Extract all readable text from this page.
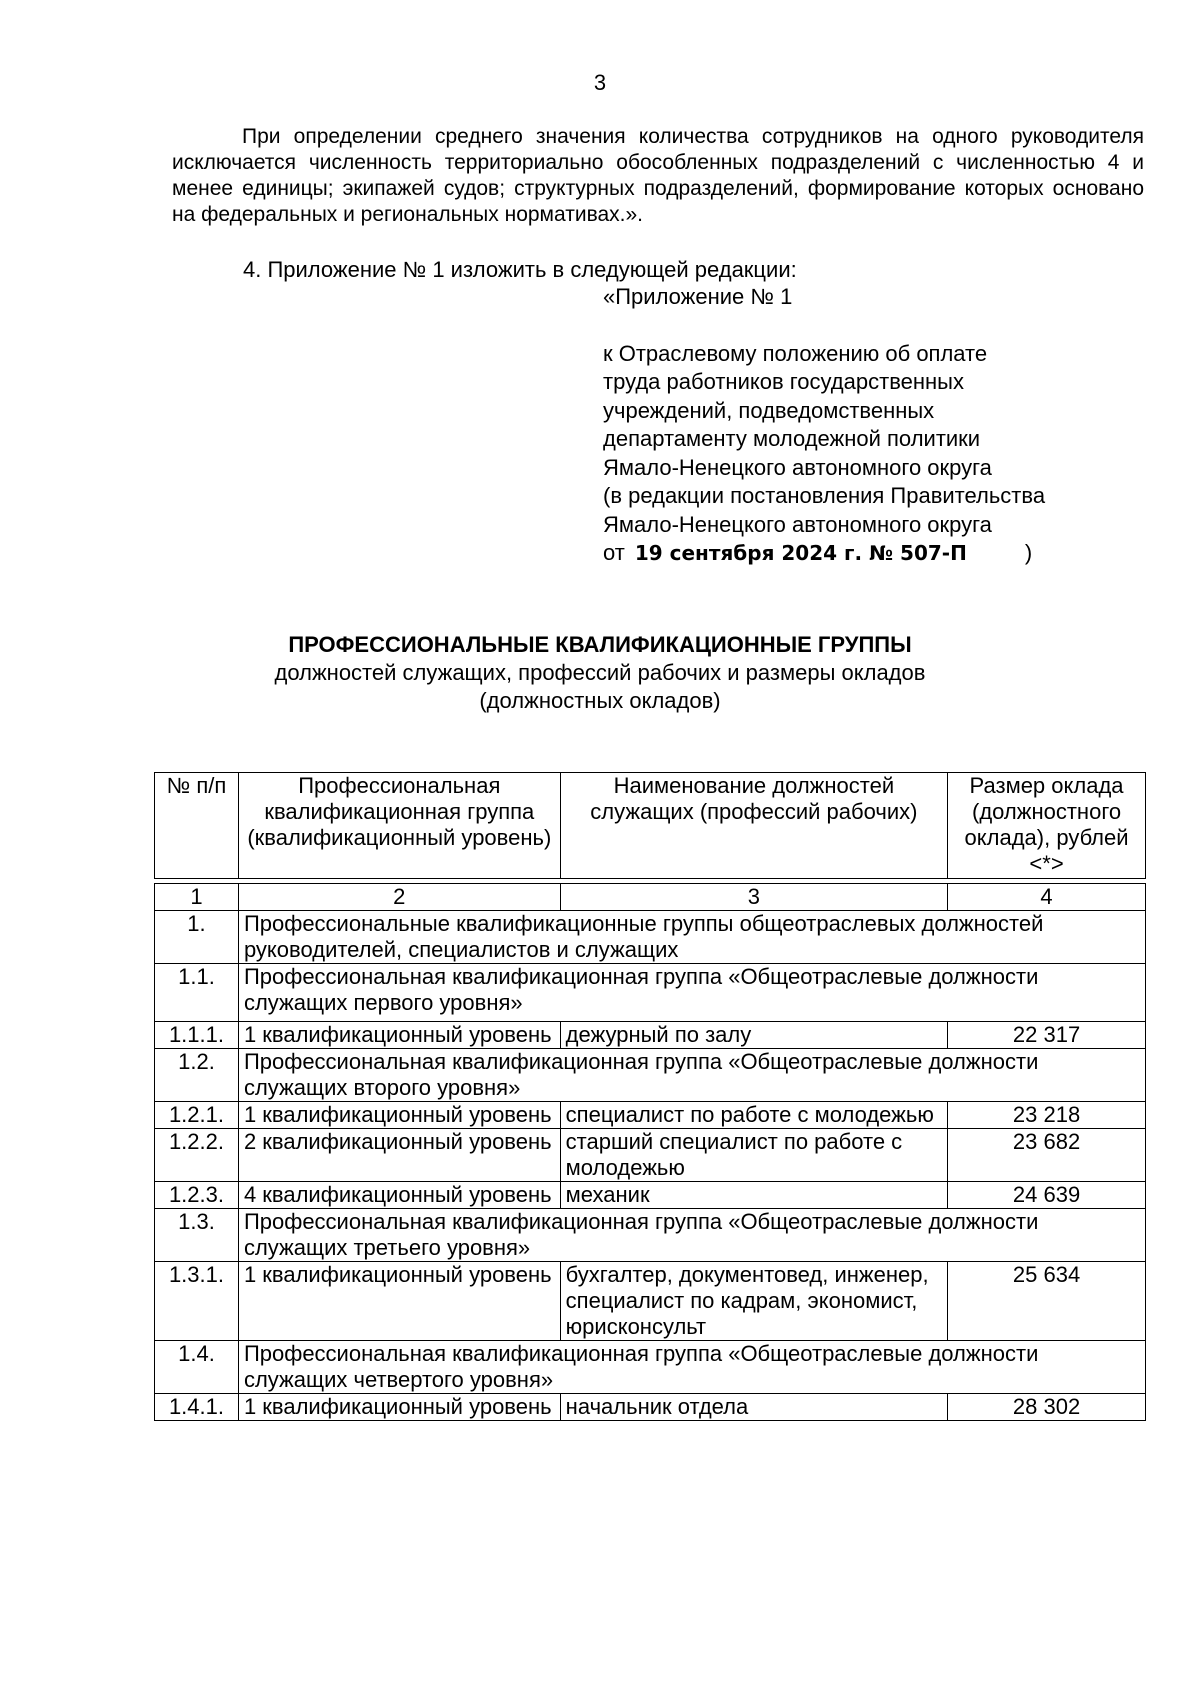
3
При определении среднего значения количества сотрудников на одного руководителя исключается численность территориально обособленных подразделений с численностью 4 и менее единицы; экипажей судов; структурных подразделений, формирование которых основано на федеральных и региональных нормативах.».
4. Приложение № 1 изложить в следующей редакции:
«Приложение № 1
к Отраслевому положению об оплате
труда работников государственных
учреждений, подведомственных
департаменту молодежной политики
Ямало-Ненецкого автономного округа
(в редакции постановления Правительства
Ямало-Ненецкого автономного округа
от 19 сентября 2024 г. № 507-П	)
ПРОФЕССИОНАЛЬНЫЕ КВАЛИФИКАЦИОННЫЕ ГРУППЫ
должностей служащих, профессий рабочих и размеры окладов
(должностных окладов)
№ п/п	Профессиональная квалификационная группа (квалификационный уровень)	Наименование должностей служащих (профессий рабочих)	Размер оклада (должностного оклада), рублей <*>

1	2	3	4
1.	Профессиональные квалификационные группы общеотраслевых должностей руководителей, специалистов и служащих		
1.1.	Профессиональная квалификационная группа «Общеотраслевые должности служащих первого уровня»		
1.1.1.	1 квалификационный уровень	дежурный по залу	22 317
1.2.	Профессиональная квалификационная группа «Общеотраслевые должности служащих второго уровня»		
1.2.1.	1 квалификационный уровень	специалист по работе с молодежью	23 218
1.2.2.	2 квалификационный уровень	старший специалист по работе с молодежью	23 682
1.2.3.	4 квалификационный уровень	механик	24 639
1.3.	Профессиональная квалификационная группа «Общеотраслевые должности служащих третьего уровня»		
1.3.1.	1 квалификационный уровень	бухгалтер, документовед, инженер, специалист по кадрам, экономист, юрисконсульт	25 634
1.4.	Профессиональная квалификационная группа «Общеотраслевые должности служащих четвертого уровня»		
1.4.1.	1 квалификационный уровень	начальник отдела	28 302
